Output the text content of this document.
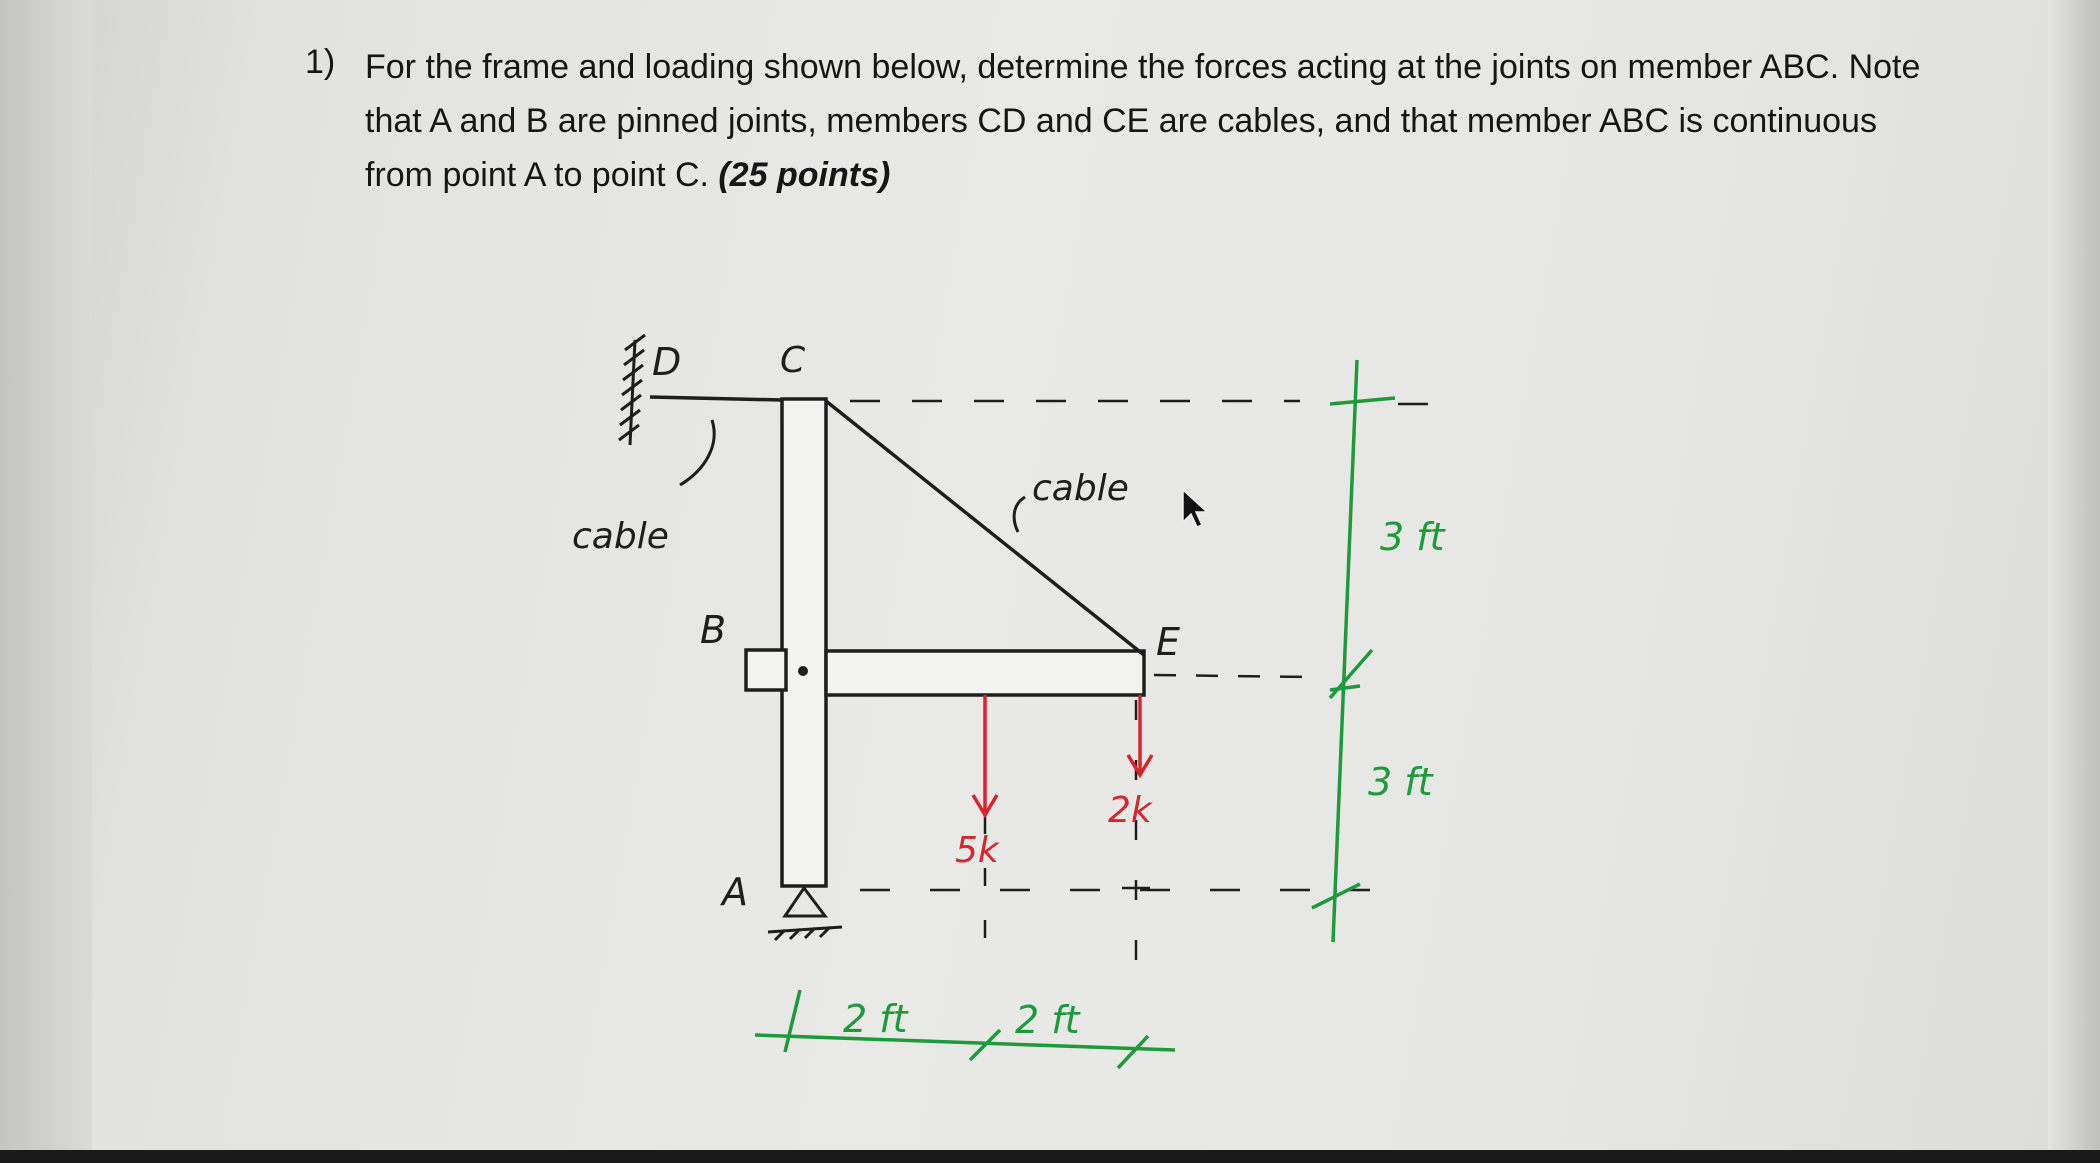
1) For the frame and loading shown below, determine the forces acting at the joints on member ABC. Note that A and B are pinned joints, members CD and CE are cables, and that member ABC is continuous from point A to point C. (25 points)
D	C
B	E
A
cable
cable
5k
2k
3 ft
3 ft
2 ft	2 ft
